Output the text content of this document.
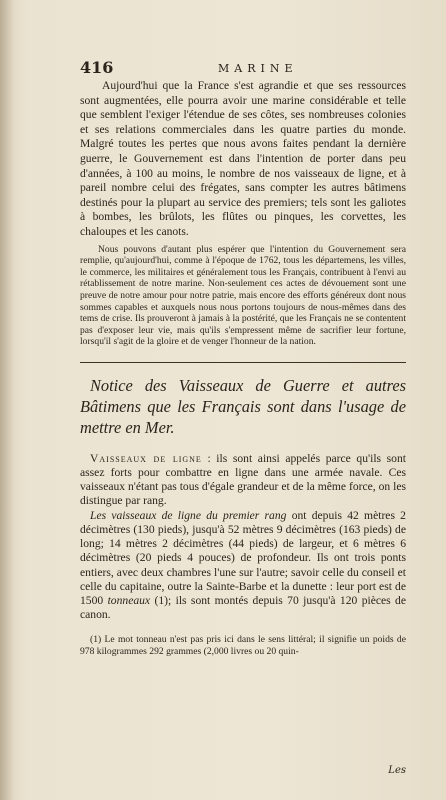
416	MARINE

Aujourd'hui que la France s'est agrandie et que ses ressources sont augmentées, elle pourra avoir une marine considérable et telle que semblent l'exiger l'étendue de ses côtes, ses nombreuses colonies et ses relations commerciales dans les quatre parties du monde. Malgré toutes les pertes que nous avons faites pendant la dernière guerre, le Gouvernement est dans l'intention de porter dans peu d'années, à 100 au moins, le nombre de nos vaisseaux de ligne, et à pareil nombre celui des frégates, sans compter les autres bâtimens destinés pour la plupart au service des premiers; tels sont les galiotes à bombes, les brûlots, les flûtes ou pinques, les corvettes, les chaloupes et les canots.

Nous pouvons d'autant plus espérer que l'intention du Gouvernement sera remplie, qu'aujourd'hui, comme à l'époque de 1762, tous les départemens, les villes, le commerce, les militaires et généralement tous les Français, contribuent à l'envi au rétablissement de notre marine. Non-seulement ces actes de dévouement sont une preuve de notre amour pour notre patrie, mais encore des efforts généreux dont nous sommes capables et auxquels nous nous portons toujours de nous-mêmes dans des tems de crise. Ils prouveront à jamais à la postérité, que les Français ne se contentent pas d'exposer leur vie, mais qu'ils s'empressent même de sacrifier leur fortune, lorsqu'il s'agit de la gloire et de venger l'honneur de la nation.

Notice des Vaisseaux de Guerre et autres Bâtimens que les Français sont dans l'usage de mettre en Mer.

Vaisseaux de ligne : ils sont ainsi appelés parce qu'ils sont assez forts pour combattre en ligne dans une armée navale. Ces vaisseaux n'étant pas tous d'égale grandeur et de la même force, on les distingue par rang.

Les vaisseaux de ligne du premier rang ont depuis 42 mètres 2 décimètres (130 pieds), jusqu'à 52 mètres 9 décimètres (163 pieds) de long; 14 mètres 2 décimètres (44 pieds) de largeur, et 6 mètres 6 décimètres (20 pieds 4 pouces) de profondeur. Ils ont trois ponts entiers, avec deux chambres l'une sur l'autre; savoir celle du conseil et celle du capitaine, outre la Sainte-Barbe et la dunette : leur port est de 1500 tonneaux (1); ils sont montés depuis 70 jusqu'à 120 pièces de canon.

(1) Le mot tonneau n'est pas pris ici dans le sens littéral; il signifie un poids de 978 kilogrammes 292 grammes (2,000 livres ou 20 quin-

Les
